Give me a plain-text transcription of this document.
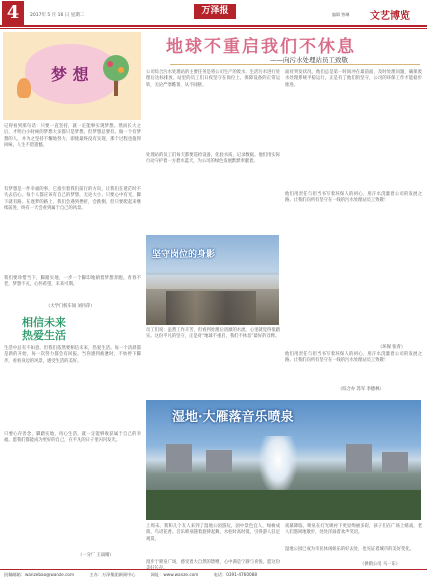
4	2017年 5 月 16 日 星期二	万泽报	编辑 曾琳 文艺博览
梦 想
记得看到那句话：只要一直坚持，就一定能够实现梦想。然而长大之后，才明白小时候的梦想大多都只是梦想，但梦想总要有。做一个有梦想的人，并为之坚持不懈地努力，即使最终没有实现，那个过程也值得回味，人生不留遗憾。
有梦想是一件幸福的事，它指引着我们前行的方向，让我们在迷茫时不失去信心。每个人都应该有自己的梦想，无论大小，只要心中有光，脚下就有路。在逐梦的路上，我们会遇到挫折，会跌倒，但只要爬起来继续前进，终有一天会看到属于自己的风景。
我们要珍惜当下，脚踏实地，一步一个脚印地朝着梦想奔跑。青春不老，梦想不灭，心怀希望，未来可期。
（大学门校车间 刘丹萍）
相信未来
热爱生活
生活中总有不如意，但我们依然要相信未来，热爱生活。每一个清晨都是新的开始，每一次努力都会有回报。当你感到疲惫时，不妨停下脚步，看看身边的风景，感受生活的美好。
只要心存善念，脚踏实地，用心生活，就一定能够收获属于自己的幸福。愿我们都能成为更好的自己，在平凡的日子里闪闪发光。
（一分厂 王雨晴）
地球不重启我们不休息
——向污水处理站员工致敬
公司综合污水处理站的主要任务是将公司生产的废水、生活污水进行处理后达标排放。站里的员工们日夜坚守在岗位上，保障设备的正常运转，无论严寒酷暑，从不间断。
处理站的员工们每天都要巡检设备，化验水质，记录数据。他们用实际行动守护着一方碧水蓝天，为公司的绿色发展默默奉献着。
面对突发状况，他们总是第一时间冲在最前面，及时处理问题，确保废水处理系统平稳运行。正是有了他们的坚守，公司的环保工作才能稳步推进。
坚守岗位的身影
员工们说：虽然工作辛苦，但看到处理后清澈的水流，心里就觉得很踏实。这份平凡的坚守，正是对“地球不重启，我们不休息”最好的诠释。
他们用责任与担当书写着环保人的初心，用汗水浇灌着公司的发展之路。让我们向所有坚守在一线的污水处理站员工致敬！
（环保 张青）
他们用责任与担当书写着环保人的初心，用汗水浇灌着公司的发展之路。让我们向所有坚守在一线的污水处理站员工致敬！
（综合办 苏军 李德林）
湿地·大雁落音乐喷泉
上周末，我和几个友人来到了湿地公园游玩，园中景色宜人，绿树成荫，鸟语花香。音乐喷泉随着旋律起舞，水柱时高时低，引得游人驻足观赏。
夜幕降临，喷泉在灯光映衬下更显绚丽多彩，孩子们在广场上嬉戏，老人们悠闲地散步，处处洋溢着欢声笑语。
湿地公园已成为市民休闲娱乐的好去处，也见证着城市的美好变化。
漫步于喷泉广场，感受着大自然的馈赠，心中满是宁静与喜悦。愿这份	（供销公司 马一东）
投稿邮箱：wanzebao@wanze.com	主办：万泽集团新闻中心	网址：www.wanze.com	电话：0391-4760088
